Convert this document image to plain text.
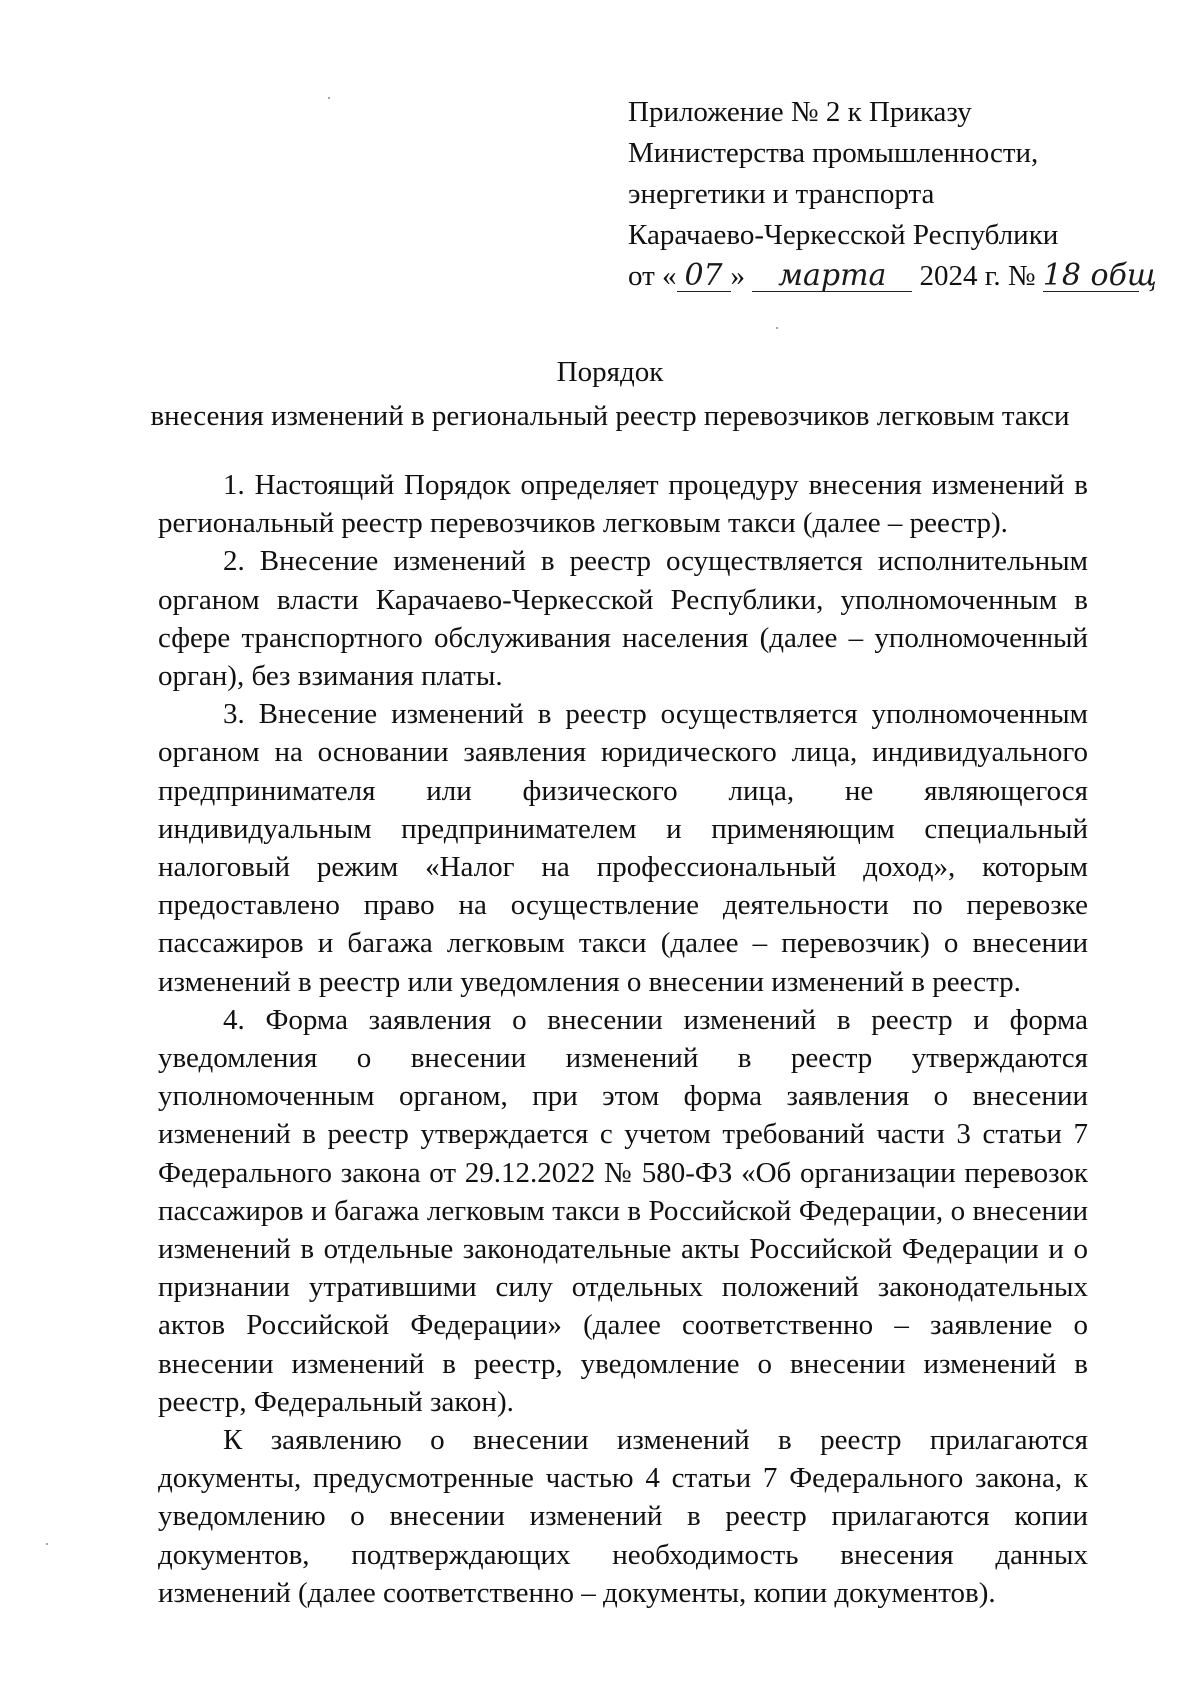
Приложение № 2 к Приказу
Министерства промышленности,
энергетики и транспорта
Карачаево-Черкесской Республики
от « 07 » марта 2024 г. № 18 общ
Порядок
внесения изменений в региональный реестр перевозчиков легковым такси

1. Настоящий Порядок определяет процедуру внесения изменений в региональный реестр перевозчиков легковым такси (далее – реестр).

2. Внесение изменений в реестр осуществляется исполнительным органом власти Карачаево-Черкесской Республики, уполномоченным в сфере транспортного обслуживания населения (далее – уполномоченный орган), без взимания платы.

3. Внесение изменений в реестр осуществляется уполномоченным органом на основании заявления юридического лица, индивидуального предпринимателя или физического лица, не являющегося индивидуальным предпринимателем и применяющим специальный налоговый режим «Налог на профессиональный доход», которым предоставлено право на осуществление деятельности по перевозке пассажиров и багажа легковым такси (далее – перевозчик) о внесении изменений в реестр или уведомления о внесении изменений в реестр.

4. Форма заявления о внесении изменений в реестр и форма уведомления о внесении изменений в реестр утверждаются уполномоченным органом, при этом форма заявления о внесении изменений в реестр утверждается с учетом требований части 3 статьи 7 Федерального закона от 29.12.2022 № 580-ФЗ «Об организации перевозок пассажиров и багажа легковым такси в Российской Федерации, о внесении изменений в отдельные законодательные акты Российской Федерации и о признании утратившими силу отдельных положений законодательных актов Российской Федерации» (далее соответственно – заявление о внесении изменений в реестр, уведомление о внесении изменений в реестр, Федеральный закон).

К заявлению о внесении изменений в реестр прилагаются документы, предусмотренные частью 4 статьи 7 Федерального закона, к уведомлению о внесении изменений в реестр прилагаются копии документов, подтверждающих необходимость внесения данных изменений (далее соответственно – документы, копии документов).
